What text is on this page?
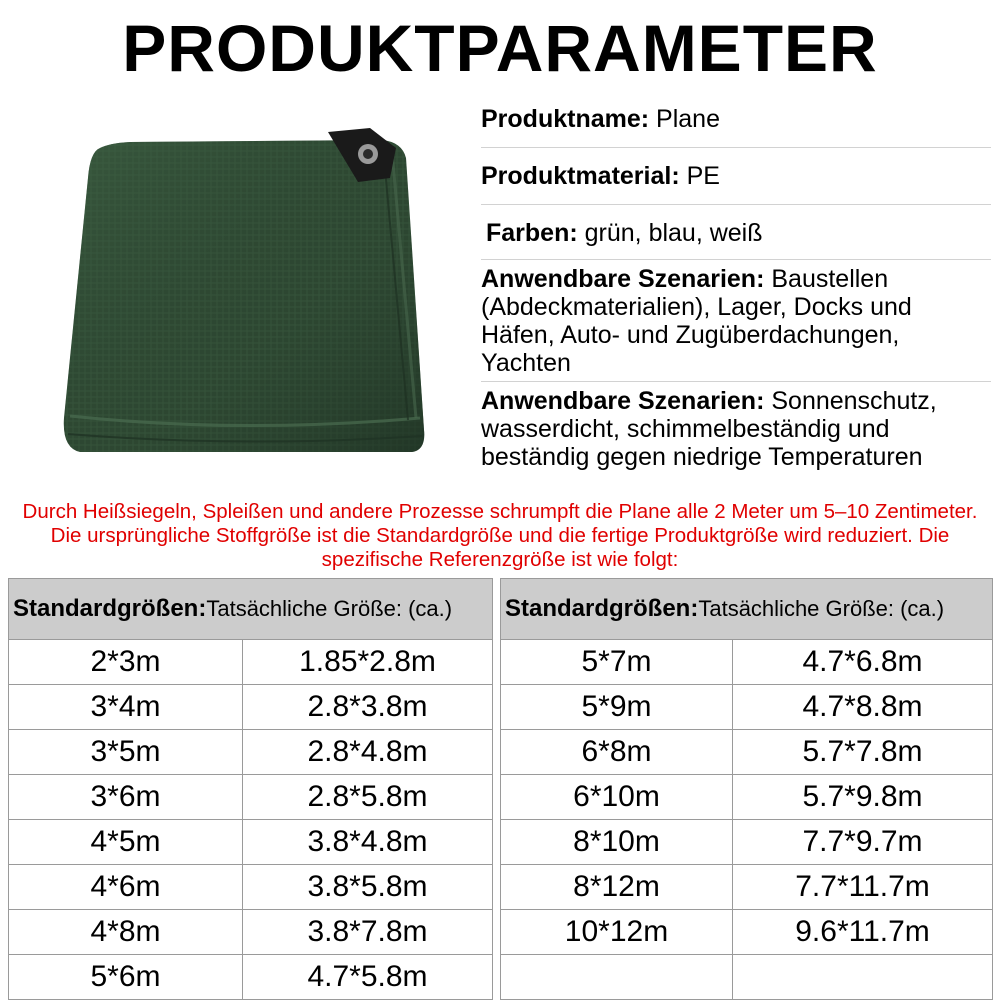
PRODUKTPARAMETER
Produktname: Plane
Produktmaterial: PE
Farben: grün, blau, weiß
Anwendbare Szenarien: Baustellen (Abdeckmaterialien), Lager, Docks und Häfen, Auto- und Zugüberdachungen, Yachten
Anwendbare Szenarien: Sonnenschutz, wasserdicht, schimmelbeständig und beständig gegen niedrige Temperaturen
Durch Heißsiegeln, Spleißen und andere Prozesse schrumpft die Plane alle 2 Meter um 5–10 Zentimeter. Die ursprüngliche Stoffgröße ist die Standardgröße und die fertige Produktgröße wird reduziert. Die spezifische Referenzgröße ist wie folgt:
Standardgrößen:Tatsächliche Größe: (ca.)			Standardgrößen:Tatsächliche Größe: (ca.)	
2*3m	1.85*2.8m		5*7m	4.7*6.8m
3*4m	2.8*3.8m		5*9m	4.7*8.8m
3*5m	2.8*4.8m		6*8m	5.7*7.8m
3*6m	2.8*5.8m		6*10m	5.7*9.8m
4*5m	3.8*4.8m		8*10m	7.7*9.7m
4*6m	3.8*5.8m		8*12m	7.7*11.7m
4*8m	3.8*7.8m		10*12m	9.6*11.7m
5*6m	4.7*5.8m			
